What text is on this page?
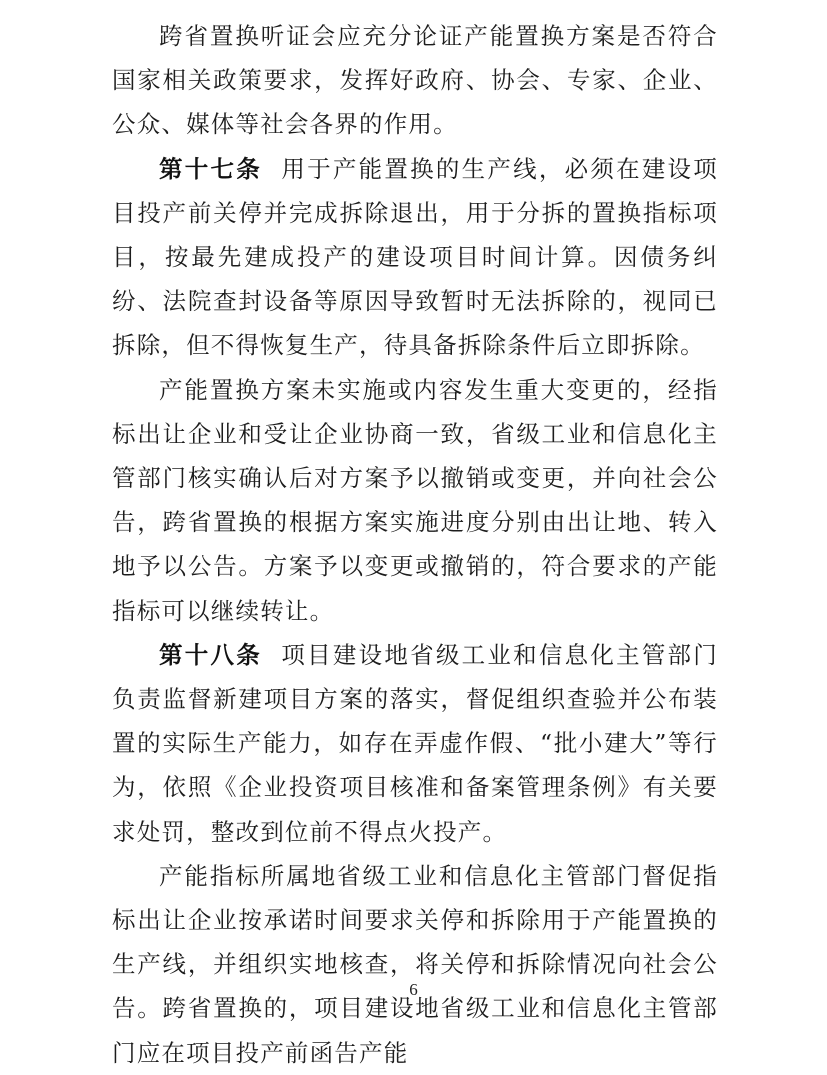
跨省置换听证会应充分论证产能置换方案是否符合国家相关政策要求，发挥好政府、协会、专家、企业、公众、媒体等社会各界的作用。

第十七条 用于产能置换的生产线，必须在建设项目投产前关停并完成拆除退出，用于分拆的置换指标项目，按最先建成投产的建设项目时间计算。因债务纠纷、法院查封设备等原因导致暂时无法拆除的，视同已拆除，但不得恢复生产，待具备拆除条件后立即拆除。

产能置换方案未实施或内容发生重大变更的，经指标出让企业和受让企业协商一致，省级工业和信息化主管部门核实确认后对方案予以撤销或变更，并向社会公告，跨省置换的根据方案实施进度分别由出让地、转入地予以公告。方案予以变更或撤销的，符合要求的产能指标可以继续转让。

第十八条 项目建设地省级工业和信息化主管部门负责监督新建项目方案的落实，督促组织查验并公布装置的实际生产能力，如存在弄虚作假、“批小建大”等行为，依照《企业投资项目核准和备案管理条例》有关要求处罚，整改到位前不得点火投产。

产能指标所属地省级工业和信息化主管部门督促指标出让企业按承诺时间要求关停和拆除用于产能置换的生产线，并组织实地核查，将关停和拆除情况向社会公告。跨省置换的，项目建设地省级工业和信息化主管部门应在项目投产前函告产能

6
